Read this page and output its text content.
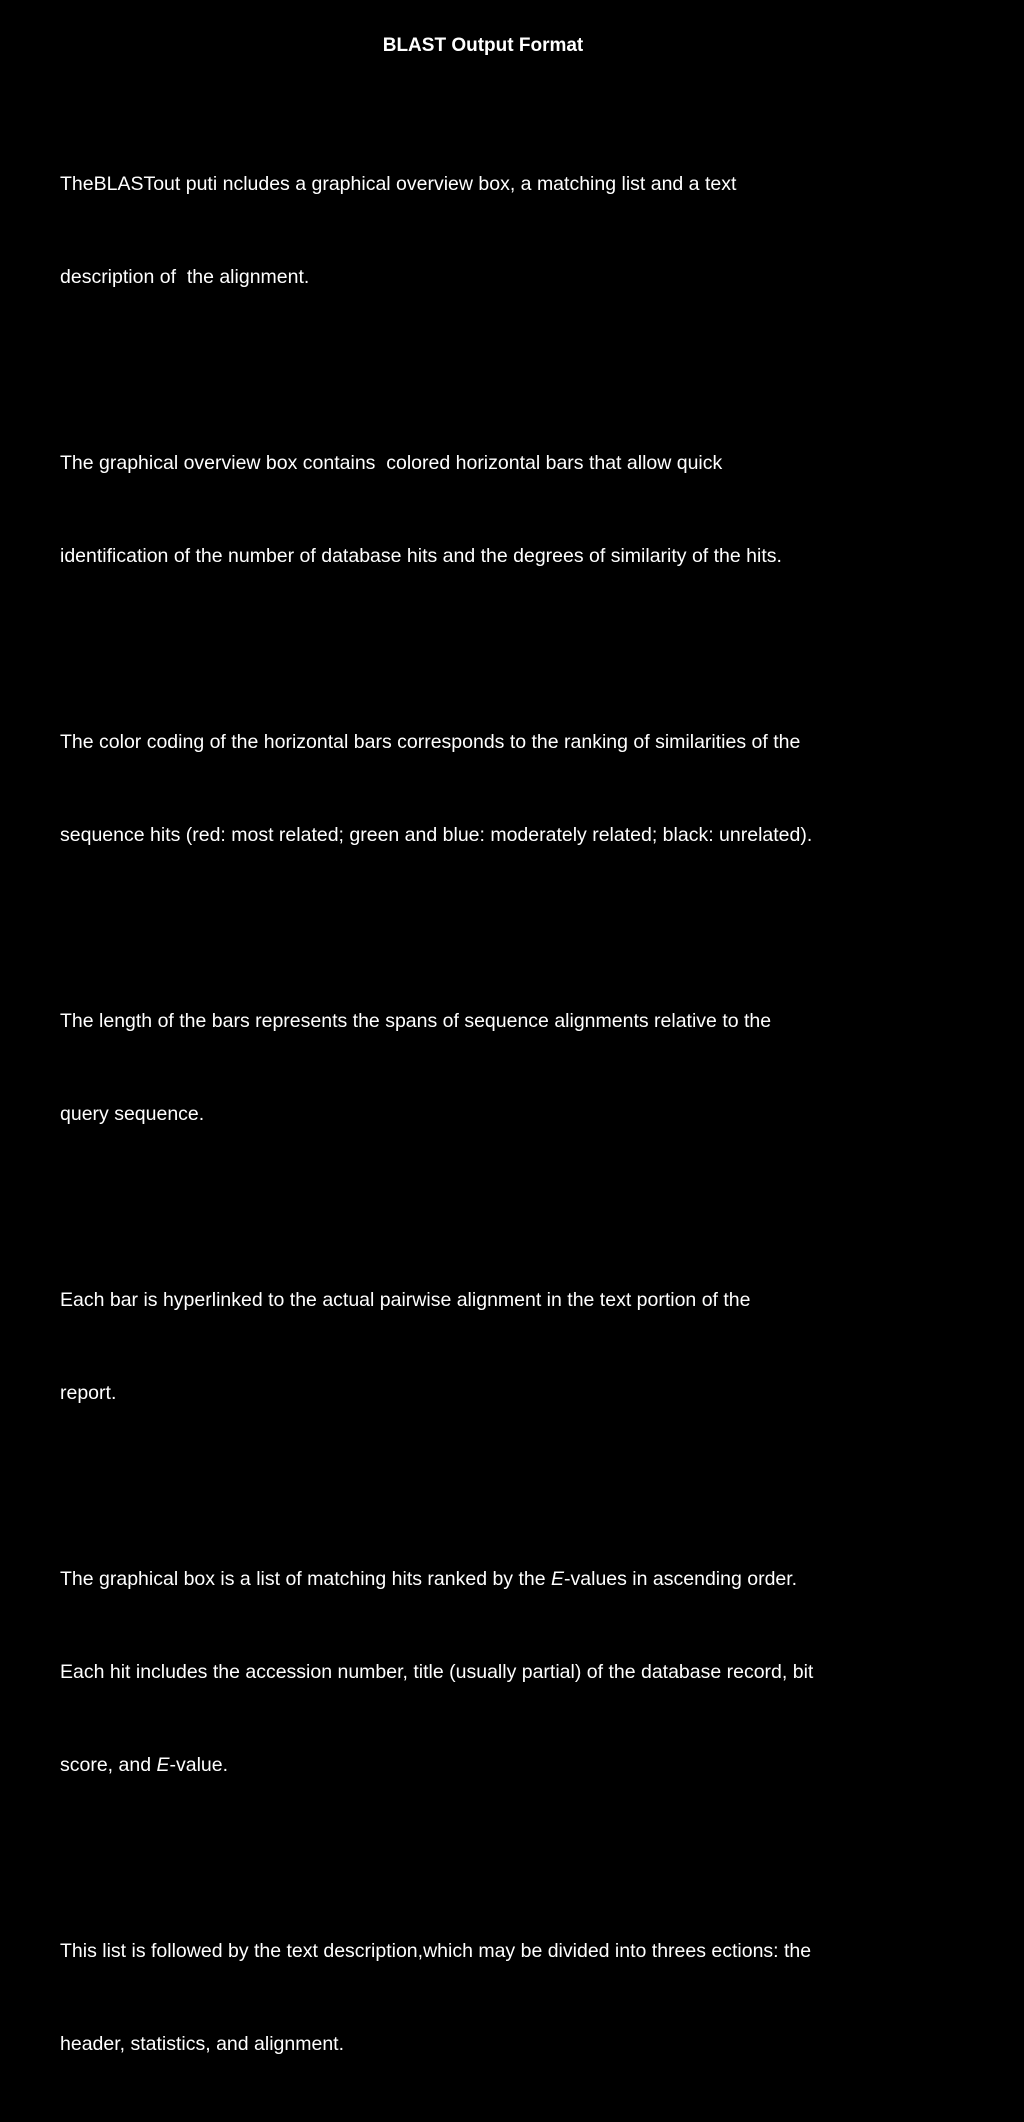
BLAST Output Format

TheBLASTout puti ncludes a graphical overview box, a matching list and a text

description of  the alignment.

The graphical overview box contains  colored horizontal bars that allow quick

identification of the number of database hits and the degrees of similarity of the hits.

The color coding of the horizontal bars corresponds to the ranking of similarities of the

sequence hits (red: most related; green and blue: moderately related; black: unrelated).

The length of the bars represents the spans of sequence alignments relative to the

query sequence.

Each bar is hyperlinked to the actual pairwise alignment in the text portion of the

report.

The graphical box is a list of matching hits ranked by the E-values in ascending order.

Each hit includes the accession number, title (usually partial) of the database record, bit

score, and E-value.

This list is followed by the text description,which may be divided into threes ections: the

header, statistics, and alignment.
